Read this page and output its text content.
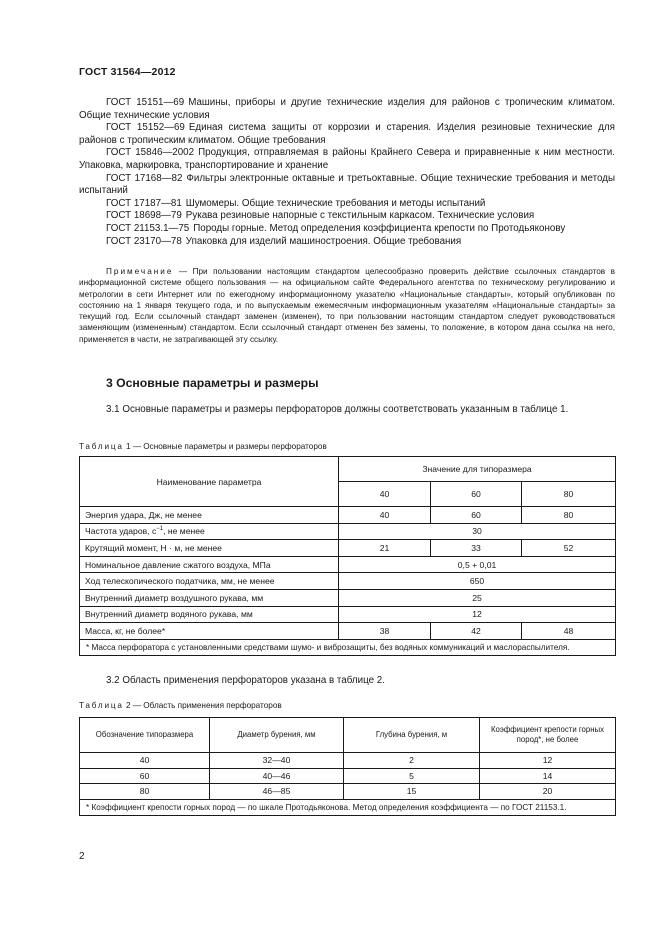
ГОСТ 31564—2012

ГОСТ 15151—69 Машины, приборы и другие технические изделия для районов с тропическим климатом. Общие технические условия

ГОСТ 15152—69 Единая система защиты от коррозии и старения. Изделия резиновые технические для районов с тропическим климатом. Общие требования

ГОСТ 15846—2002 Продукция, отправляемая в районы Крайнего Севера и приравненные к ним местности. Упаковка, маркировка, транспортирование и хранение

ГОСТ 17168—82 Фильтры электронные октавные и третьоктавные. Общие технические требования и методы испытаний

ГОСТ 17187—81 Шумомеры. Общие технические требования и методы испытаний

ГОСТ 18698—79 Рукава резиновые напорные с текстильным каркасом. Технические условия

ГОСТ 21153.1—75 Породы горные. Метод определения коэффициента крепости по Протодьяконову

ГОСТ 23170—78 Упаковка для изделий машиностроения. Общие требования

Примечание — При пользовании настоящим стандартом целесообразно проверить действие ссылочных стандартов в информационной системе общего пользования — на официальном сайте Федерального агентства по техническому регулированию и метрологии в сети Интернет или по ежегодному информационному указателю «Национальные стандарты», который опубликован по состоянию на 1 января текущего года, и по выпускаемым ежемесячным информационным указателям «Национальные стандарты» за текущий год. Если ссылочный стандарт заменен (изменен), то при пользовании настоящим стандартом следует руководствоваться заменяющим (измененным) стандартом. Если ссылочный стандарт отменен без замены, то положение, в котором дана ссылка на него, применяется в части, не затрагивающей эту ссылку.

3 Основные параметры и размеры

3.1 Основные параметры и размеры перфораторов должны соответствовать указанным в таблице 1.

Таблица 1 — Основные параметры и размеры перфораторов
Наименование параметра	Значение для типоразмера		
	40	60	80
Энергия удара, Дж, не менее	40	60	80
Частота ударов, $с^{-1}$, не менее	30		
Крутящий момент, Н · м, не менее	21	33	52
Номинальное давление сжатого воздуха, МПа	0,5 + 0,01		
Ход телескопического податчика, мм, не менее	650		
Внутренний диаметр воздушного рукава, мм	25		
Внутренний диаметр водяного рукава, мм	12		
Масса, кг, не более*	38	42	48
* Масса перфоратора с установленными средствами шумо- и виброзащиты, без водяных коммуникаций и маслораспылителя.			

3.2 Область применения перфораторов указана в таблице 2.

Таблица 2 — Область применения перфораторов
Обозначение типоразмера	Диаметр бурения, мм	Глубина бурения, м	Коэффициент крепости горных пород*, не более
40	32—40	2	12
60	40—46	5	14
80	46—85	15	20
* Коэффициент крепости горных пород — по шкале Протодьяконова. Метод определения коэффициента — по ГОСТ 21153.1.			
2
